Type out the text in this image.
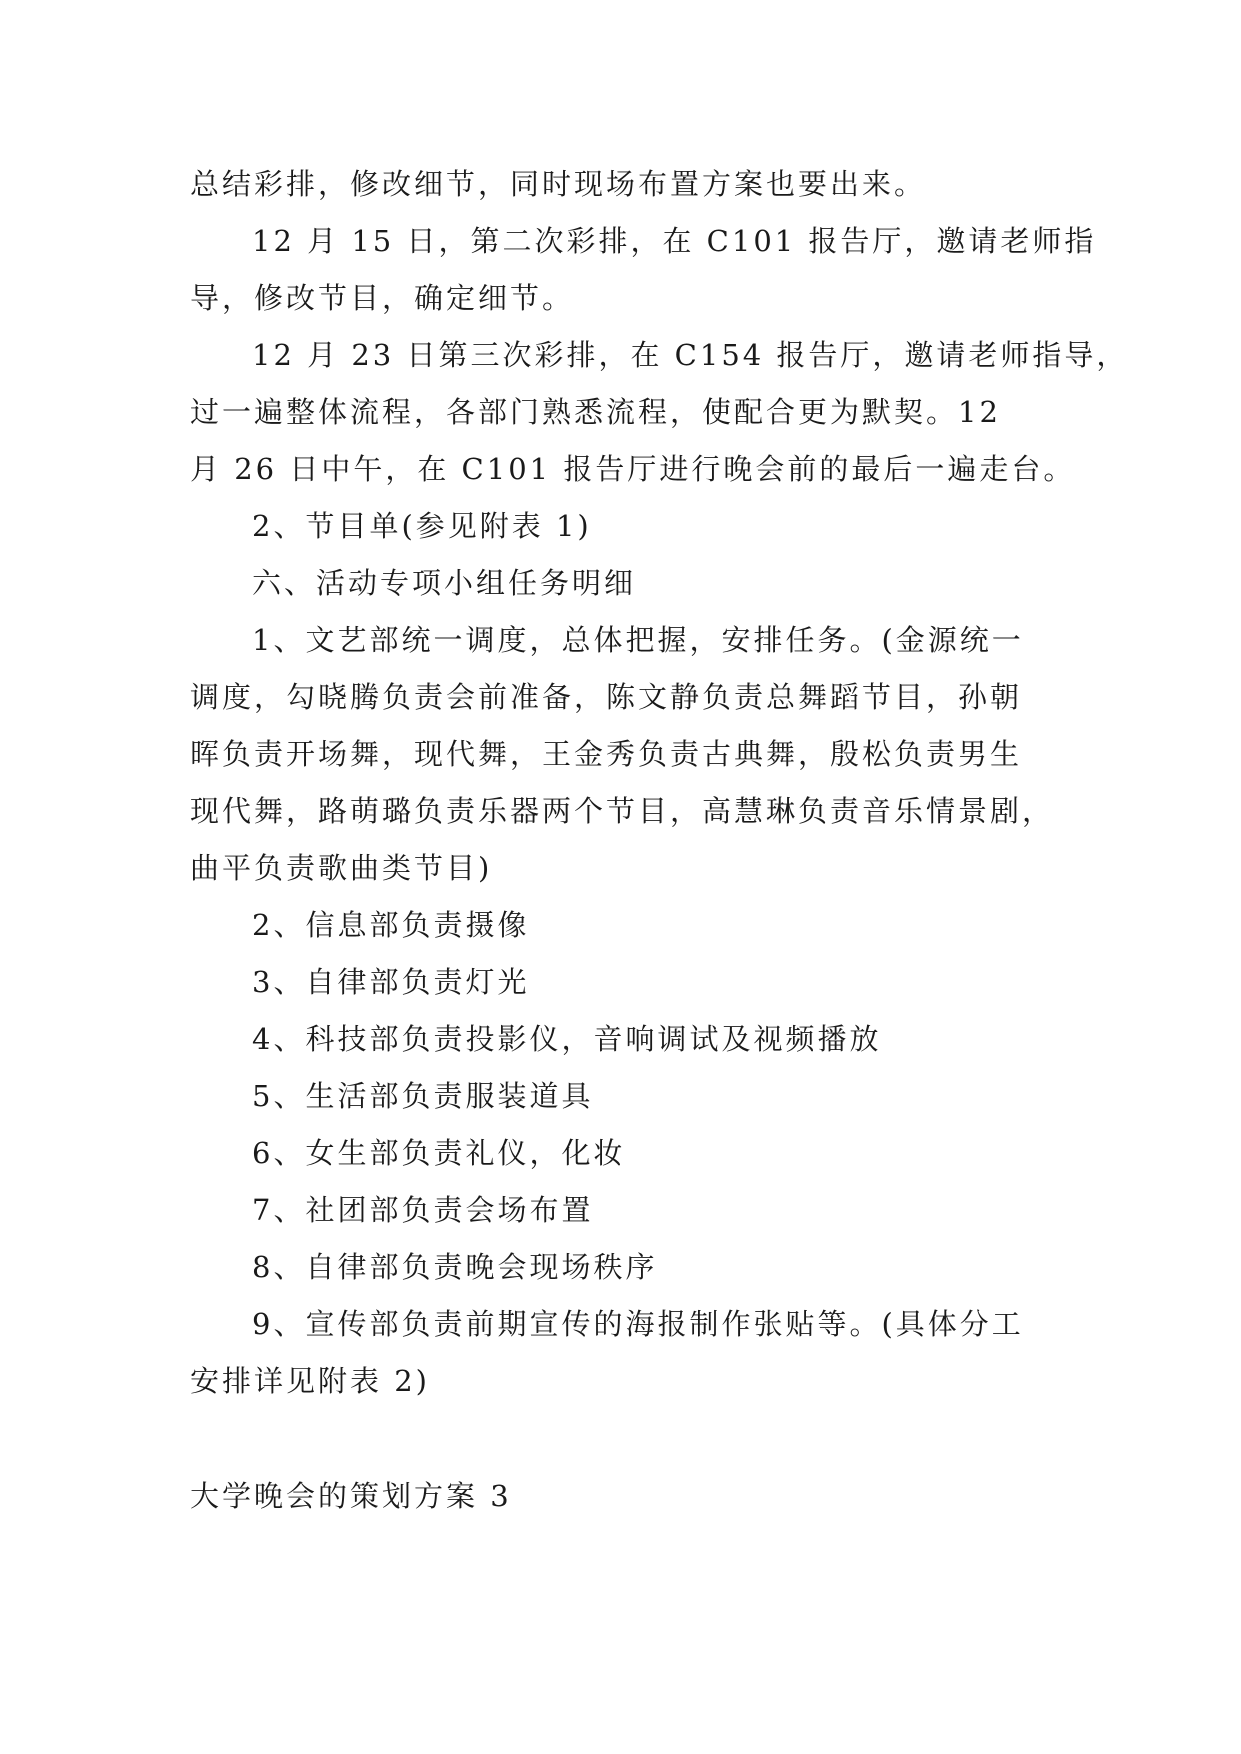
总结彩排，修改细节，同时现场布置方案也要出来。
12 月 15 日，第二次彩排，在 C101 报告厅，邀请老师指
导，修改节目，确定细节。
12 月 23 日第三次彩排，在 C154 报告厅，邀请老师指导，
过一遍整体流程，各部门熟悉流程，使配合更为默契。12
月 26 日中午，在 C101 报告厅进行晚会前的最后一遍走台。
2、节目单(参见附表 1)
六、活动专项小组任务明细
1、文艺部统一调度，总体把握，安排任务。(金源统一
调度，勾晓腾负责会前准备，陈文静负责总舞蹈节目，孙朝
晖负责开场舞，现代舞，王金秀负责古典舞，殷松负责男生
现代舞，路萌璐负责乐器两个节目，高慧琳负责音乐情景剧，
曲平负责歌曲类节目)
2、信息部负责摄像
3、自律部负责灯光
4、科技部负责投影仪，音响调试及视频播放
5、生活部负责服装道具
6、女生部负责礼仪，化妆
7、社团部负责会场布置
8、自律部负责晚会现场秩序
9、宣传部负责前期宣传的海报制作张贴等。(具体分工
安排详见附表 2)
大学晚会的策划方案 3
